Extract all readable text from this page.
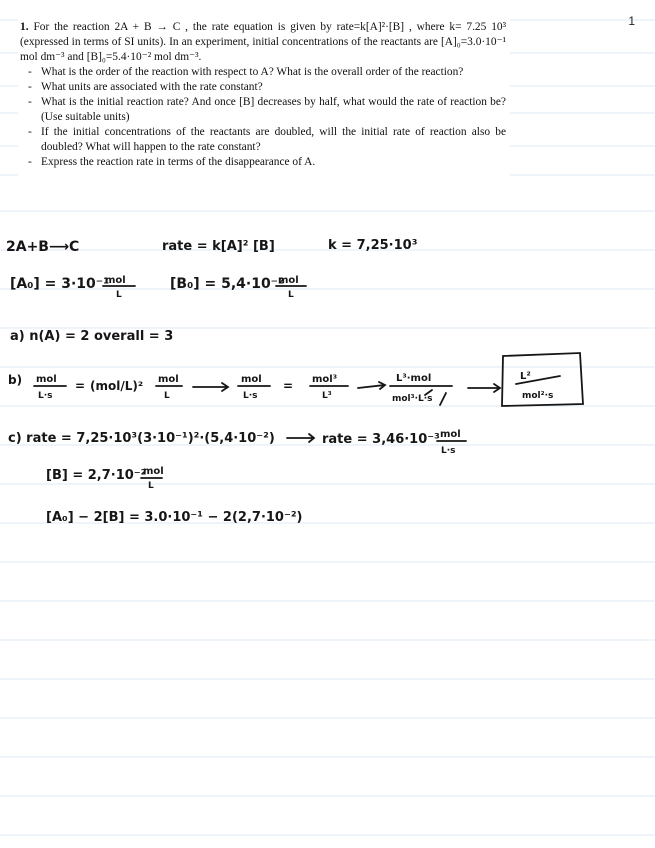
1

1. For the reaction 2A + B → C , the rate equation is given by rate=k[A]²·[B] , where k= 7.25 10³ (expressed in terms of SI units). In an experiment, initial concentrations of the reactants are [A]₀=3.0·10⁻¹ mol dm⁻³ and [B]₀=5.4·10⁻² mol dm⁻³.

- What is the order of the reaction with respect to A? What is the overall order of the reaction?
- What units are associated with the rate constant?
- What is the initial reaction rate? And once [B] decreases by half, what would the rate of reaction be? (Use suitable units)
- If the initial concentrations of the reactants are doubled, will the initial rate of reaction also be doubled? What will happen to the rate constant?
- Express the reaction rate in terms of the disappearance of A.
2A+B⟶C	rate = k[A]² [B]	k = 7,25·10³
[A₀] = 3·10⁻¹
mol
L
[B₀] = 5,4·10⁻²
mol
L
a) n(A) = 2 overall = 3
b) mol
L·s
= (mol/L)² mol
L
mol
L·s
= mol³
L³
L³·mol
mol³·L·s
L²
mol²·s
c) rate = 7,25·10³(3·10⁻¹)²·(5,4·10⁻²)	rate = 3,46·10⁻³ mol
L·s
[B] = 2,7·10⁻²
mol
L
[A₀] − 2[B] = 3.0·10⁻¹ − 2(2,7·10⁻²)
